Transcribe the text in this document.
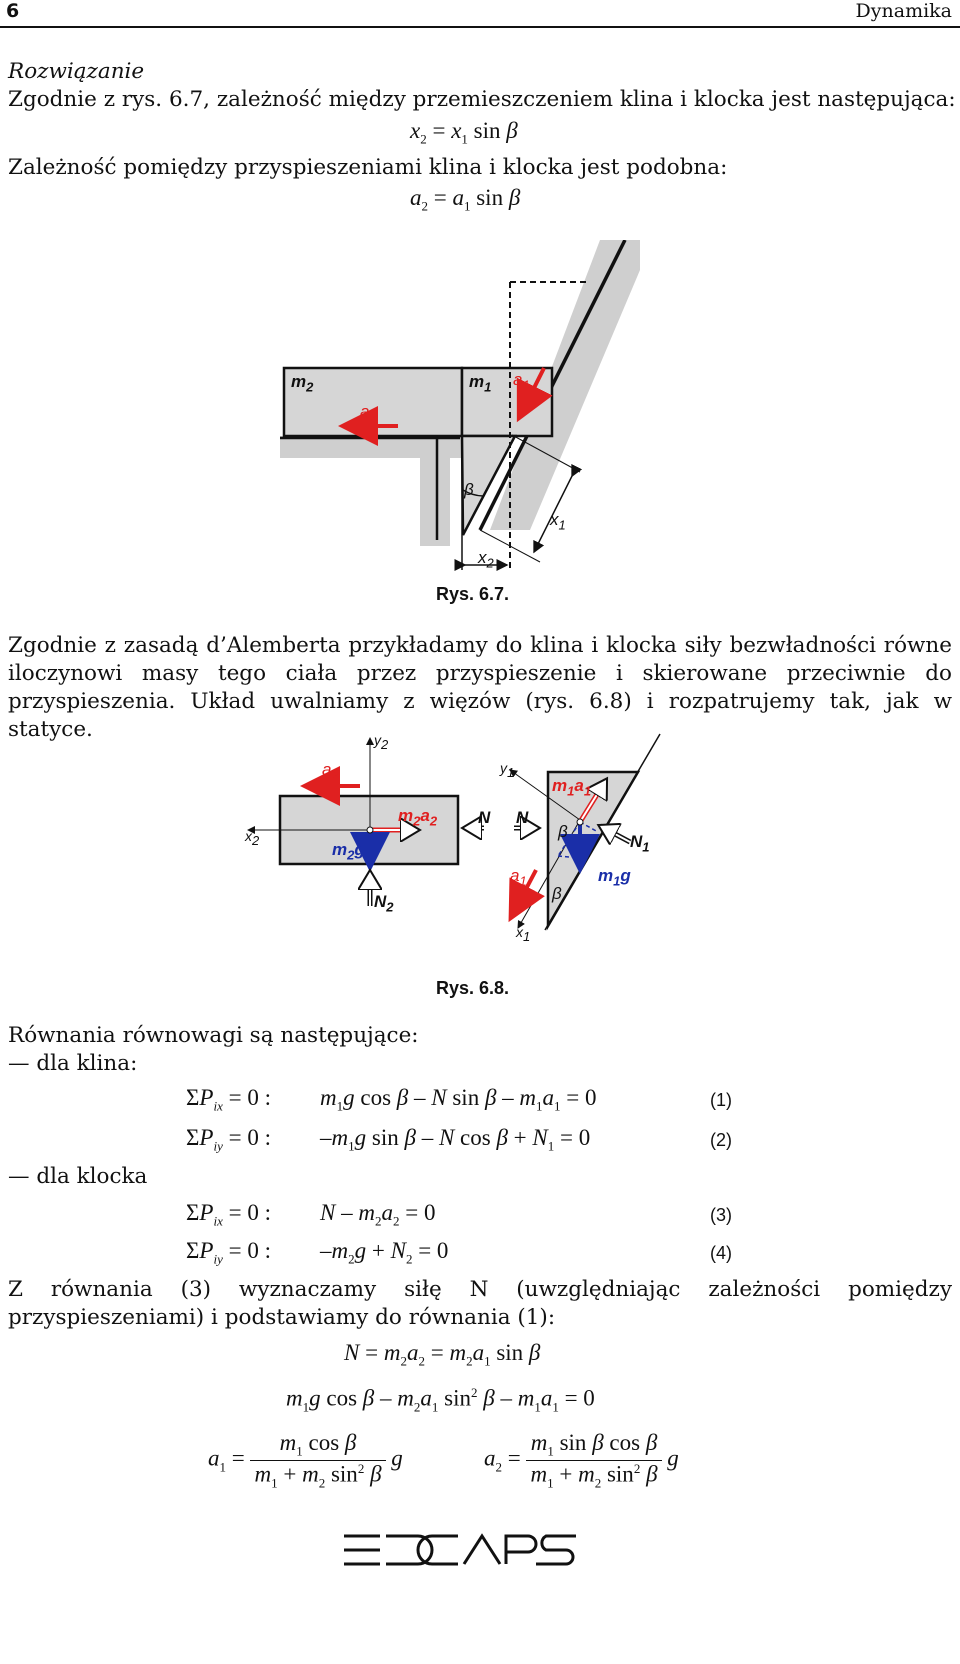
6	Dynamika
Rozwiązanie
Zgodnie z rys. 6.7, zależność między przemieszczeniem klina i klocka jest następująca:
$x_2 = x_1$ sin β
Zależność pomiędzy przyspieszeniami klina i klocka jest podobna:
$a_2 = a_1$ sin β
$m_2$
$a_2$
$m_1$ $a_1$
β
$x_1$
$x_2$
Rys. 6.7.
Zgodnie z zasadą d’Alemberta przykładamy do klina i klocka siły bezwładności równe iloczynowi masy tego ciała przez przyspieszenie i skierowane przeciwnie do przyspieszenia. Układ uwalniamy z więzów (rys. 6.8) i rozpatrujemy tak, jak w statyce.	$y_2$
$a_2$
$x_2$
$m_2a_2$
$m_2g$
N
$N_2$
$y_1$
N
$m_1a_1$
β
$N_1$
$a_1$	$m_1g$
β
$x_1$
Rys. 6.8.
Równania równowagi są następujące:
— dla klina:
$\Sigma P_{ix} = 0$ : $m_1g$ cos β – N $\sin \beta - m_1a_1 = 0$	(1)
$\Sigma P_{iy} = 0$ : $-m_1g$ sin β – N $\cos \beta + N_1 = 0$	(2)
— dla klocka
$\Sigma P_{ix} = 0$ : $N - m_2a_2 = 0$	(3)
$\Sigma P_{iy} = 0$ : $-m_2g + N_2 = 0$	(4)
Z równania (3) wyznaczamy siłę N (uwzględniając zależności pomiędzy przyspieszeniami) i podstawiamy do równania (1):
$N = m_2a_2 = m_2a_1$ sin β
$m_1g$ cos β – $m_2a_1$ $\sin^2 \beta - m_1a_1 = 0$
$a_1 = \frac{m_1 \cos \beta}{m_1 + m_2 \sin^2 \beta}$ g	$a_2 = \frac{m_1 \sin \beta \cos \beta}{m_1 + m_2 \sin^2 \beta}$ g
